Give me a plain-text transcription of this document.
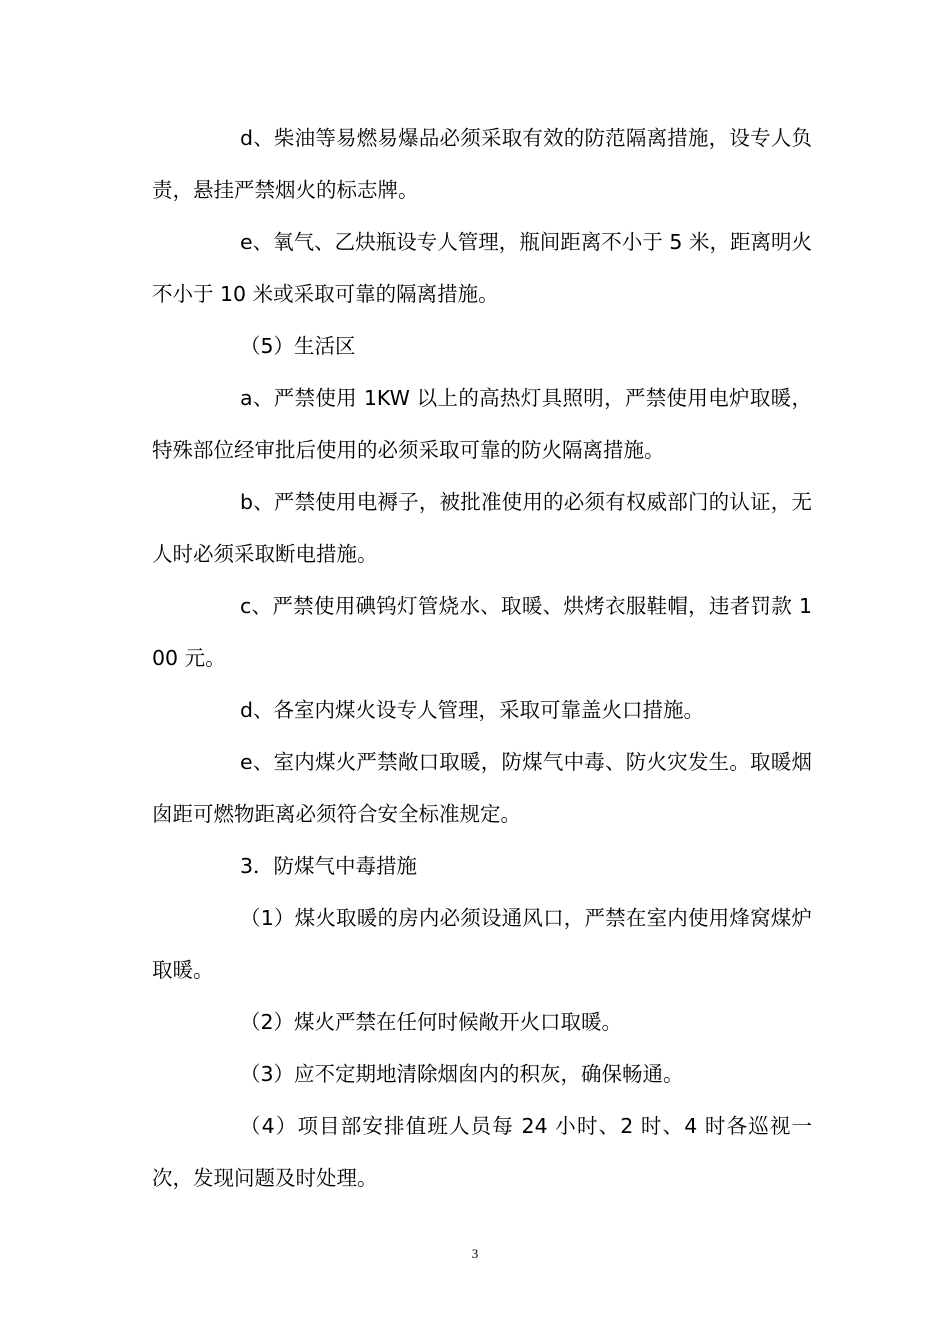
d、柴油等易燃易爆品必须采取有效的防范隔离措施，设专人负责，悬挂严禁烟火的标志牌。

e、氧气、乙炔瓶设专人管理，瓶间距离不小于 5 米，距离明火不小于 10 米或采取可靠的隔离措施。

（5）生活区

a、严禁使用 1KW 以上的高热灯具照明，严禁使用电炉取暖，特殊部位经审批后使用的必须采取可靠的防火隔离措施。

b、严禁使用电褥子，被批准使用的必须有权威部门的认证，无人时必须采取断电措施。

c、严禁使用碘钨灯管烧水、取暖、烘烤衣服鞋帽，违者罚款 100 元。

d、各室内煤火设专人管理，采取可靠盖火口措施。

e、室内煤火严禁敞口取暖，防煤气中毒、防火灾发生。取暖烟囱距可燃物距离必须符合安全标准规定。

3．防煤气中毒措施

（1）煤火取暖的房内必须设通风口，严禁在室内使用烽窝煤炉取暖。

（2）煤火严禁在任何时候敞开火口取暖。

（3）应不定期地清除烟囱内的积灰，确保畅通。

（4）项目部安排值班人员每 24 小时、2 时、4 时各巡视一次，发现问题及时处理。

3
